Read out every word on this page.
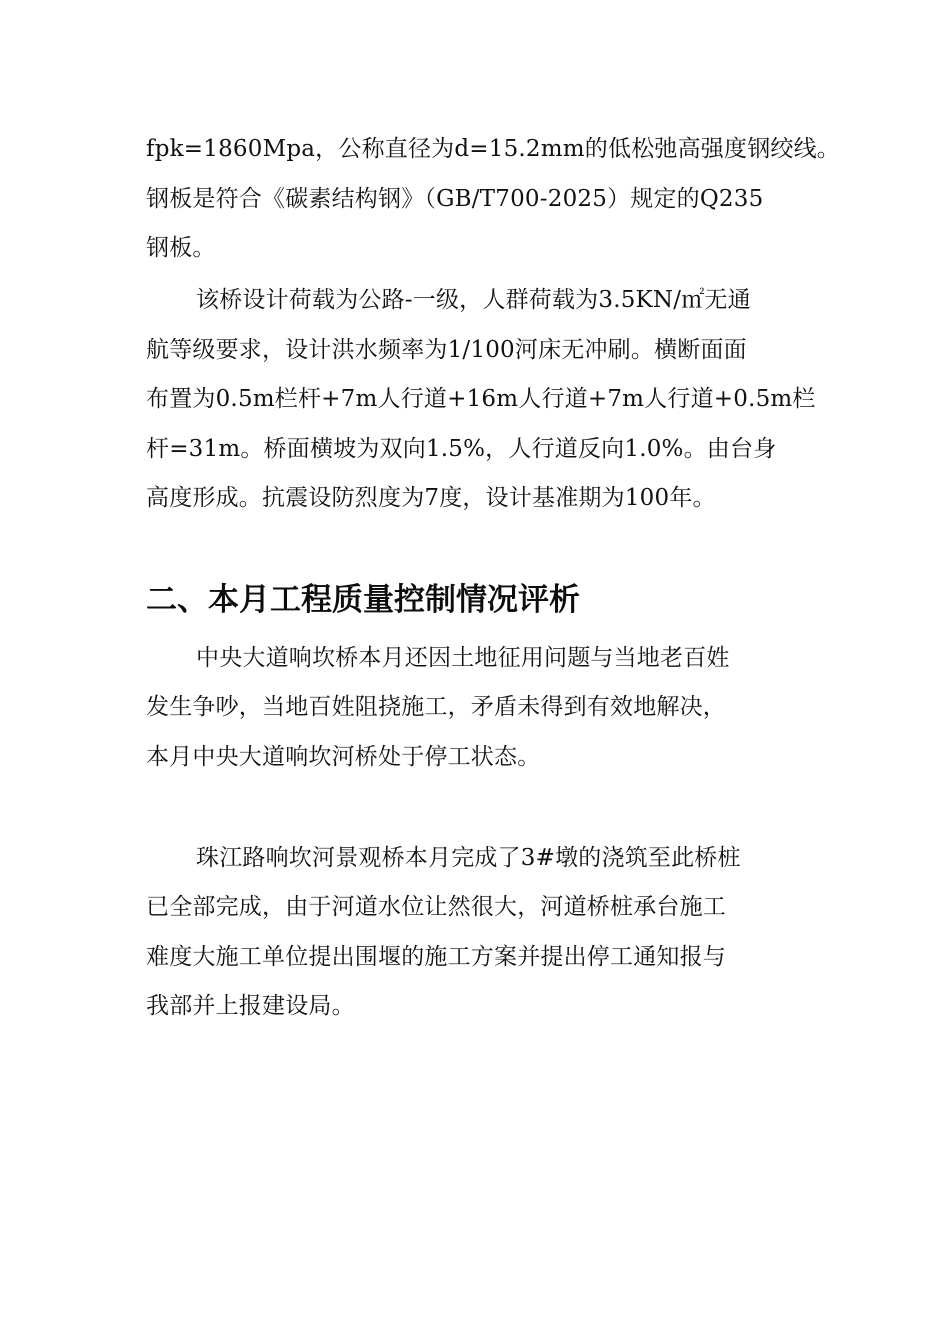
fpk=1860Mpa，公称直径为d=15.2mm的低松弛高强度钢绞线。
钢板是符合《碳素结构钢》（GB/T700-2025）规定的Q235
钢板。
该桥设计荷载为公路-一级，人群荷载为3.5KN/㎡无通
航等级要求，设计洪水频率为1/100河床无冲刷。横断面面
布置为0.5m栏杆+7m人行道+16m人行道+7m人行道+0.5m栏
杆=31m。桥面横坡为双向1.5%，人行道反向1.0%。由台身
高度形成。抗震设防烈度为7度，设计基准期为100年。
二、本月工程质量控制情况评析
中央大道响坎桥本月还因土地征用问题与当地老百姓
发生争吵，当地百姓阻挠施工，矛盾未得到有效地解决，
本月中央大道响坎河桥处于停工状态。
珠江路响坎河景观桥本月完成了3#墩的浇筑至此桥桩
已全部完成，由于河道水位让然很大，河道桥桩承台施工
难度大施工单位提出围堰的施工方案并提出停工通知报与
我部并上报建设局。
